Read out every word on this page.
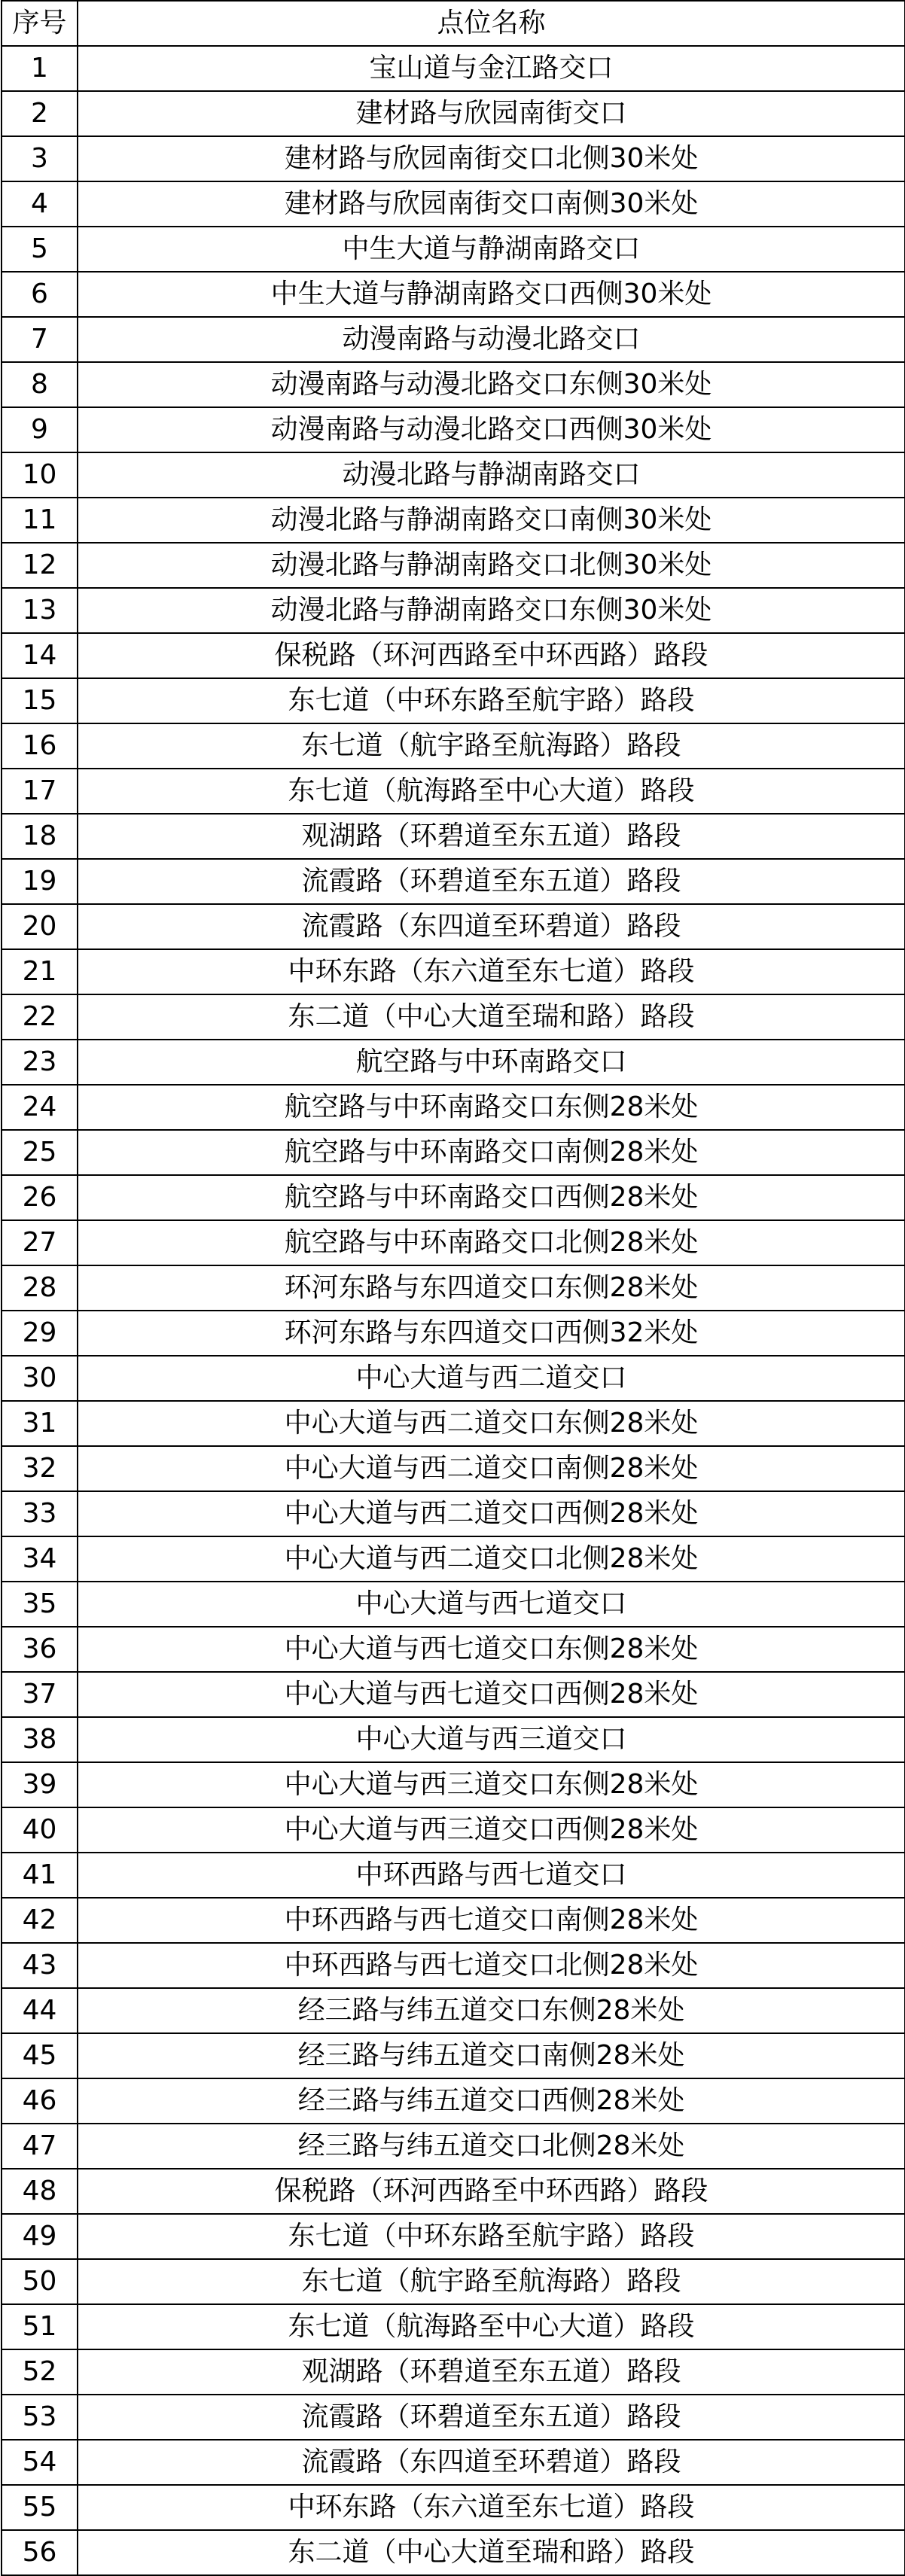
序号	点位名称
1	宝山道与金江路交口
2	建材路与欣园南街交口
3	建材路与欣园南街交口北侧30米处
4	建材路与欣园南街交口南侧30米处
5	中生大道与静湖南路交口
6	中生大道与静湖南路交口西侧30米处
7	动漫南路与动漫北路交口
8	动漫南路与动漫北路交口东侧30米处
9	动漫南路与动漫北路交口西侧30米处
10	动漫北路与静湖南路交口
11	动漫北路与静湖南路交口南侧30米处
12	动漫北路与静湖南路交口北侧30米处
13	动漫北路与静湖南路交口东侧30米处
14	保税路（环河西路至中环西路）路段
15	东七道（中环东路至航宇路）路段
16	东七道（航宇路至航海路）路段
17	东七道（航海路至中心大道）路段
18	观湖路（环碧道至东五道）路段
19	流霞路（环碧道至东五道）路段
20	流霞路（东四道至环碧道）路段
21	中环东路（东六道至东七道）路段
22	东二道（中心大道至瑞和路）路段
23	航空路与中环南路交口
24	航空路与中环南路交口东侧28米处
25	航空路与中环南路交口南侧28米处
26	航空路与中环南路交口西侧28米处
27	航空路与中环南路交口北侧28米处
28	环河东路与东四道交口东侧28米处
29	环河东路与东四道交口西侧32米处
30	中心大道与西二道交口
31	中心大道与西二道交口东侧28米处
32	中心大道与西二道交口南侧28米处
33	中心大道与西二道交口西侧28米处
34	中心大道与西二道交口北侧28米处
35	中心大道与西七道交口
36	中心大道与西七道交口东侧28米处
37	中心大道与西七道交口西侧28米处
38	中心大道与西三道交口
39	中心大道与西三道交口东侧28米处
40	中心大道与西三道交口西侧28米处
41	中环西路与西七道交口
42	中环西路与西七道交口南侧28米处
43	中环西路与西七道交口北侧28米处
44	经三路与纬五道交口东侧28米处
45	经三路与纬五道交口南侧28米处
46	经三路与纬五道交口西侧28米处
47	经三路与纬五道交口北侧28米处
48	保税路（环河西路至中环西路）路段
49	东七道（中环东路至航宇路）路段
50	东七道（航宇路至航海路）路段
51	东七道（航海路至中心大道）路段
52	观湖路（环碧道至东五道）路段
53	流霞路（环碧道至东五道）路段
54	流霞路（东四道至环碧道）路段
55	中环东路（东六道至东七道）路段
56	东二道（中心大道至瑞和路）路段
